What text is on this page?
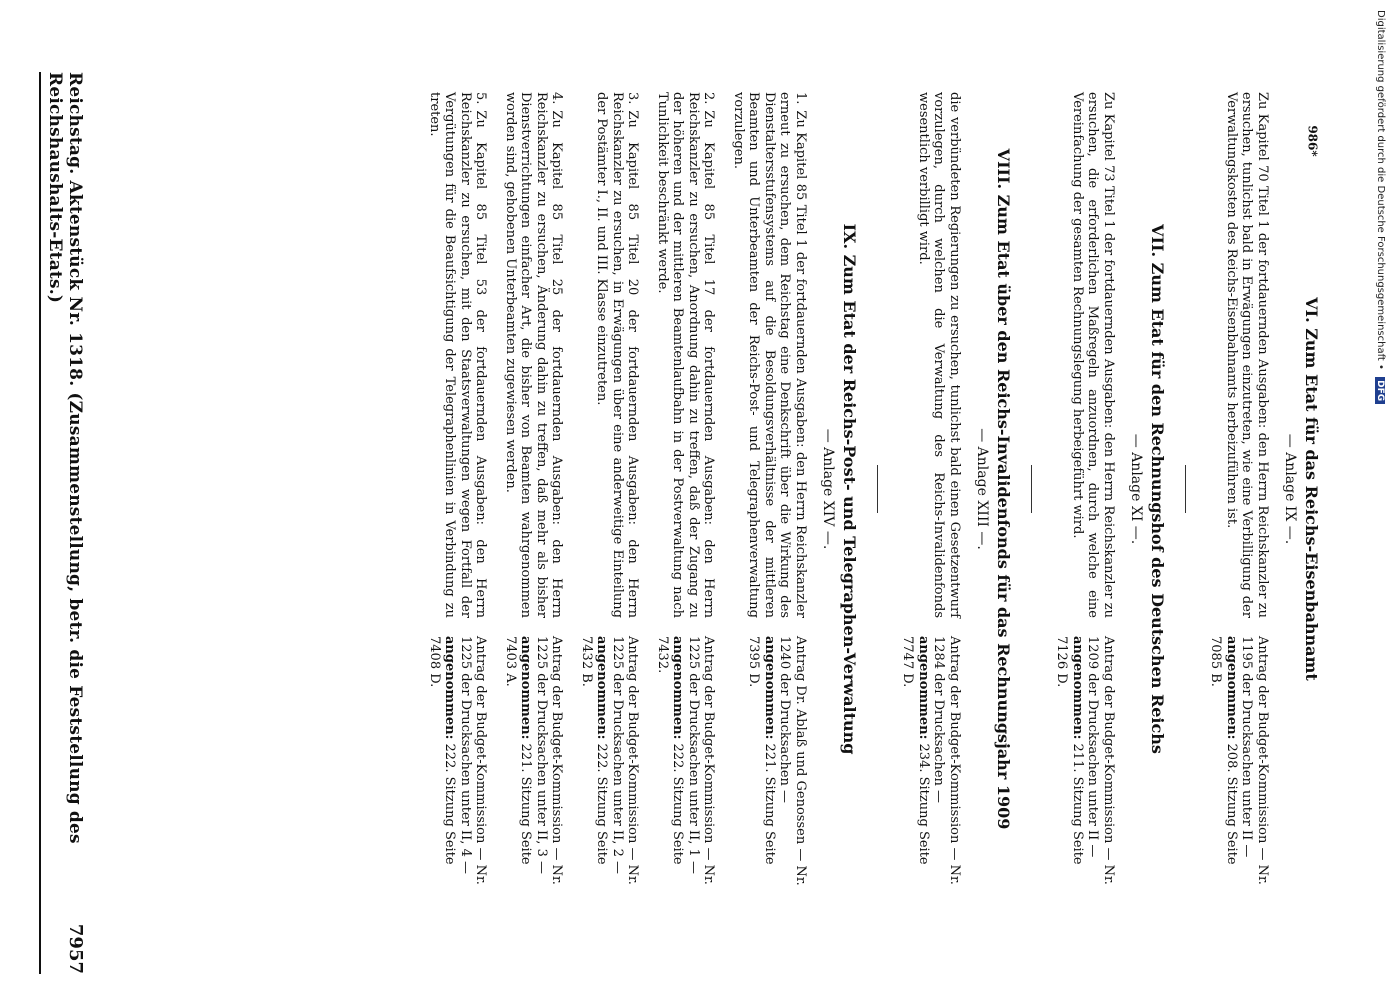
VI. Zum Etat für das Reichs-Eisenbahnamt
— Anlage IX —.
Zu Kapitel 70 Titel 1 der fortdauernden Ausgaben: den Herrn Reichskanzler zu ersuchen, tunlichst bald in Erwägungen einzutreten, wie eine Verbilligung der Verwaltungskosten des Reichs-Eisenbahnamts herbeizuführen ist.
Antrag der Budget-Kommission — Nr. 1195 der Drucksachen unter II — angenommen: 208. Sitzung Seite 7085 B.
VII. Zum Etat für den Rechnungshof des Deutschen Reichs
— Anlage XI —.
Zu Kapitel 73 Titel 1 der fortdauernden Ausgaben: den Herrn Reichskanzler zu ersuchen, die erforderlichen Maßregeln anzuordnen, durch welche eine Vereinfachung der gesamten Rechnungslegung herbeigeführt wird.
Antrag der Budget-Kommission — Nr. 1209 der Drucksachen unter II — angenommen: 211. Sitzung Seite 7126 D.
VIII. Zum Etat über den Reichs-Invalidenfonds für das Rechnungsjahr 1909
— Anlage XIII —.
die verbündeten Regierungen zu ersuchen, tunlichst bald einen Gesetzentwurf vorzulegen, durch welchen die Verwaltung des Reichs-Invalidenfonds wesentlich verbilligt wird.
Antrag der Budget-Kommission — Nr. 1284 der Drucksachen — angenommen: 234. Sitzung Seite 7747 D.
IX. Zum Etat der Reichs-Post- und Telegraphen-Verwaltung
— Anlage XIV —.
1.Zu Kapitel 85 Titel 1 der fortdauernden Ausgaben: den Herrn Reichskanzler erneut zu ersuchen, dem Reichstag eine Denkschrift über die Wirkung des Dienstaltersstufensystems auf die Besoldungsverhältnisse der mittleren Beamten und Unterbeamten der Reichs-Post- und Telegraphenverwaltung vorzulegen.
Antrag Dr. Ablaß und Genossen — Nr. 1240 der Drucksachen — angenommen: 221. Sitzung Seite 7395 D.
2.Zu Kapitel 85 Titel 17 der fortdauernden Ausgaben: den Herrn Reichskanzler zu ersuchen, Anordnung dahin zu treffen, daß der Zugang zu der höheren und der mittleren Beamtenlaufbahn in der Postverwaltung nach Tunlichkeit beschränkt werde.
Antrag der Budget-Kommission — Nr. 1225 der Drucksachen unter II, 1 — angenommen: 222. Sitzung Seite 7432.
3.Zu Kapitel 85 Titel 20 der fortdauernden Ausgaben: den Herrn Reichskanzler zu ersuchen, in Erwägungen über eine anderweitige Einteilung der Postämter I., II. und III. Klasse einzutreten.
Antrag der Budget-Kommission — Nr. 1225 der Drucksachen unter II, 2 — angenommen: 222. Sitzung Seite 7432 B.
4.Zu Kapitel 85 Titel 25 der fortdauernden Ausgaben: den Herrn Reichskanzler zu ersuchen, Änderung dahin zu treffen, daß mehr als bisher Dienstverrichtungen einfacher Art, die bisher von Beamten wahrgenommen worden sind, gehobenen Unterbeamten zugewiesen werden.
Antrag der Budget-Kommission — Nr. 1225 der Drucksachen unter II, 3 — angenommen: 221. Sitzung Seite 7403 A.
5.Zu Kapitel 85 Titel 53 der fortdauernden Ausgaben: den Herrn Reichskanzler zu ersuchen, mit den Staatsverwaltungen wegen Fortfall der Vergütungen für die Beaufsichtigung der Telegraphenlinien in Verbindung zu treten.
Antrag der Budget-Kommission — Nr. 1225 der Drucksachen unter II, 4 — angenommen: 222. Sitzung Seite 7408 D.
Reichstag. Aktenstück Nr. 1318. (Zusammenstellung, betr. die Feststellung des Reichshaushalts-Etats.)
7957
986*	Digitalisierung gefördert durch die Deutsche Forschungsgemeinschaft • DFG
